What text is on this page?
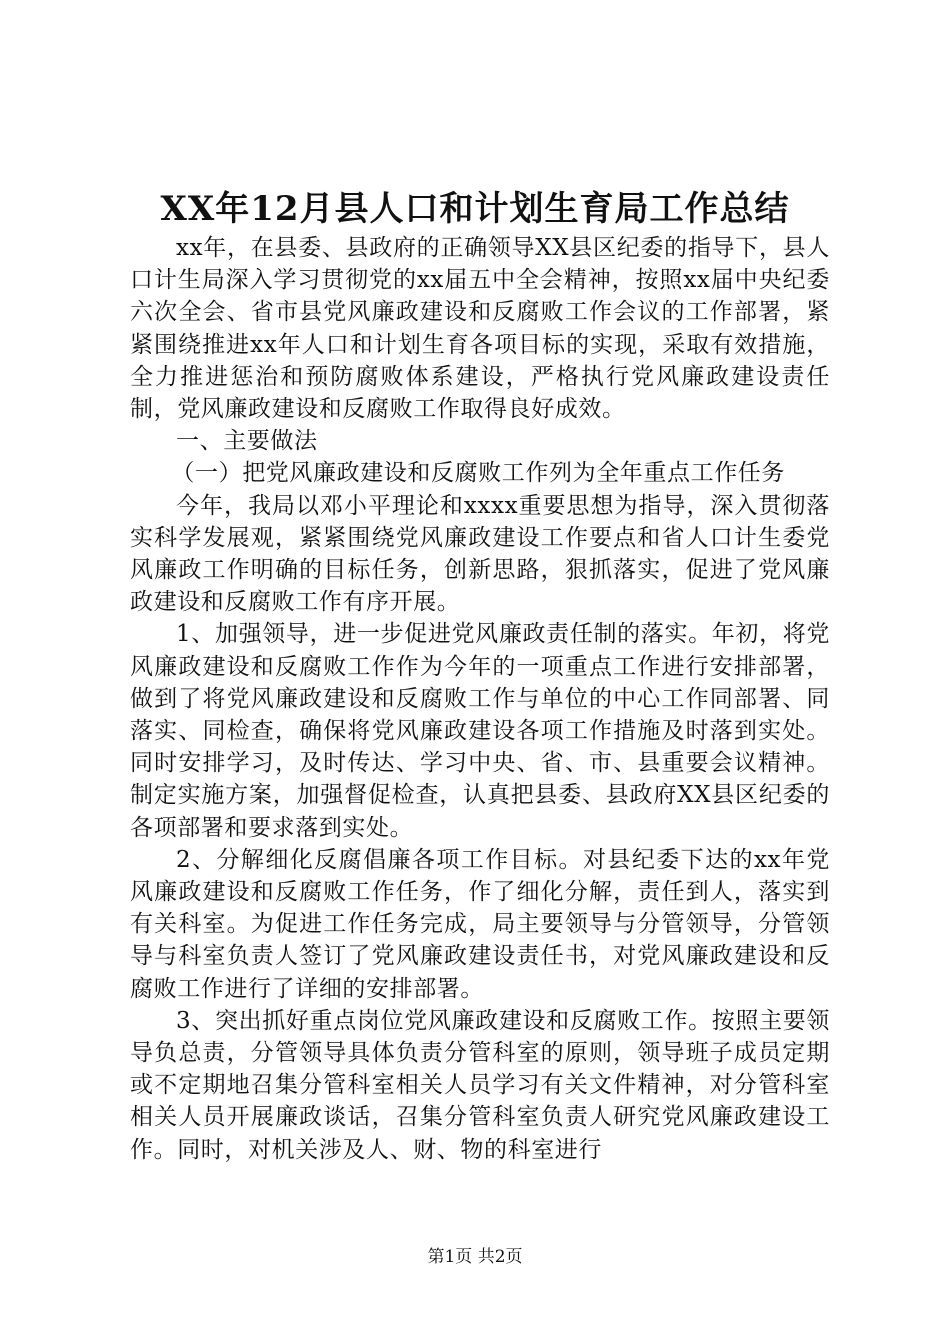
XX年12月县人口和计划生育局工作总结

xx年，在县委、县政府的正确领导XX县区纪委的指导下，县人口计生局深入学习贯彻党的xx届五中全会精神，按照xx届中央纪委六次全会、省市县党风廉政建设和反腐败工作会议的工作部署，紧紧围绕推进xx年人口和计划生育各项目标的实现，采取有效措施，全力推进惩治和预防腐败体系建设，严格执行党风廉政建设责任制，党风廉政建设和反腐败工作取得良好成效。

一、主要做法

（一）把党风廉政建设和反腐败工作列为全年重点工作任务

今年，我局以邓小平理论和xxxx重要思想为指导，深入贯彻落实科学发展观，紧紧围绕党风廉政建设工作要点和省人口计生委党风廉政工作明确的目标任务，创新思路，狠抓落实，促进了党风廉政建设和反腐败工作有序开展。

1、加强领导，进一步促进党风廉政责任制的落实。年初，将党风廉政建设和反腐败工作作为今年的一项重点工作进行安排部署，做到了将党风廉政建设和反腐败工作与单位的中心工作同部署、同落实、同检查，确保将党风廉政建设各项工作措施及时落到实处。同时安排学习，及时传达、学习中央、省、市、县重要会议精神。制定实施方案，加强督促检查，认真把县委、县政府XX县区纪委的各项部署和要求落到实处。

2、分解细化反腐倡廉各项工作目标。对县纪委下达的xx年党风廉政建设和反腐败工作任务，作了细化分解，责任到人，落实到有关科室。为促进工作任务完成，局主要领导与分管领导，分管领导与科室负责人签订了党风廉政建设责任书，对党风廉政建设和反腐败工作进行了详细的安排部署。

3、突出抓好重点岗位党风廉政建设和反腐败工作。按照主要领导负总责，分管领导具体负责分管科室的原则，领导班子成员定期或不定期地召集分管科室相关人员学习有关文件精神，对分管科室相关人员开展廉政谈话，召集分管科室负责人研究党风廉政建设工作。同时，对机关涉及人、财、物的科室进行

第1页 共2页
